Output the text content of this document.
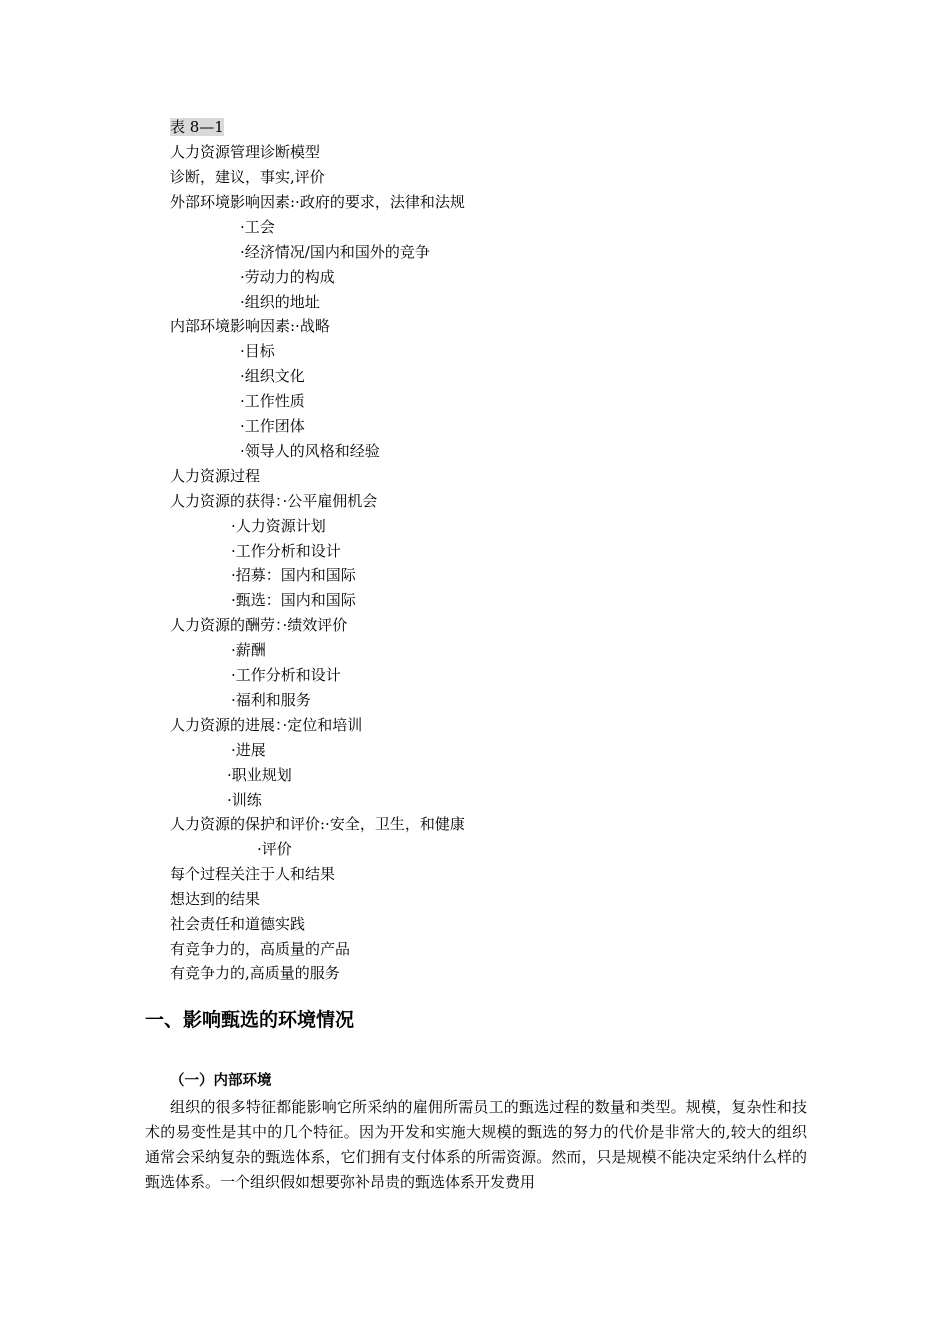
表 8—1
人力资源管理诊断模型
诊断，建议，事实,评价
外部环境影响因素:·政府的要求，法律和法规
·工会
·经济情况/国内和国外的竞争
·劳动力的构成
·组织的地址
内部环境影响因素:·战略
·目标
·组织文化
·工作性质
·工作团体
·领导人的风格和经验
人力资源过程
人力资源的获得：·公平雇佣机会
·人力资源计划
·工作分析和设计
·招募：国内和国际
·甄选：国内和国际
人力资源的酬劳：·绩效评价
·薪酬
·工作分析和设计
·福利和服务
人力资源的进展：·定位和培训
·进展
·职业规划
·训练
人力资源的保护和评价:·安全，卫生，和健康
·评价
每个过程关注于人和结果
想达到的结果
社会责任和道德实践
有竞争力的，高质量的产品
有竞争力的,高质量的服务
一、影响甄选的环境情况
（一）内部环境

组织的很多特征都能影响它所采纳的雇佣所需员工的甄选过程的数量和类型。规模，复杂性和技术的易变性是其中的几个特征。因为开发和实施大规模的甄选的努力的代价是非常大的,较大的组织通常会采纳复杂的甄选体系，它们拥有支付体系的所需资源。然而，只是规模不能决定采纳什么样的甄选体系。一个组织假如想要弥补昂贵的甄选体系开发费用
